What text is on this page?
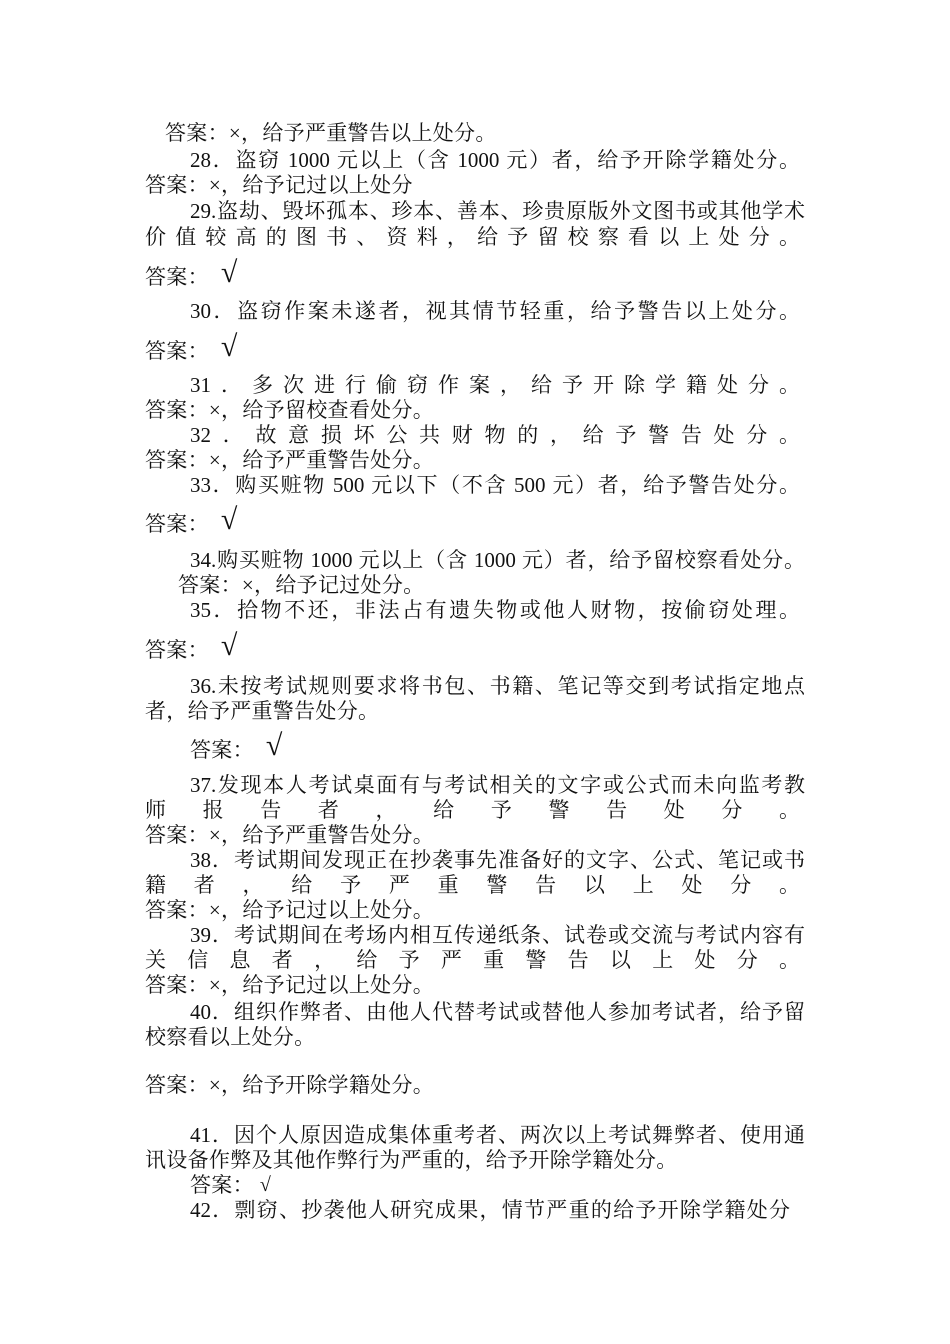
答案：×，给予严重警告以上处分。
28．盗窃 1000 元以上（含 1000 元）者，给予开除学籍处分。
答案：×，给予记过以上处分
29.盗劫、毁坏孤本、珍本、善本、珍贵原版外文图书或其他学术
价值较高的图书、资料，给予留校察看以上处分。
答案： √
30．盗窃作案未遂者，视其情节轻重，给予警告以上处分。
答案： √
31．多次进行偷窃作案，给予开除学籍处分。
答案：×，给予留校查看处分。
32．故意损坏公共财物的，给予警告处分。
答案：×，给予严重警告处分。
33．购买赃物 500 元以下（不含 500 元）者，给予警告处分。
答案： √
34.购买赃物 1000 元以上（含 1000 元）者，给予留校察看处分。
答案：×，给予记过处分。
35．拾物不还，非法占有遗失物或他人财物，按偷窃处理。
答案： √
36.未按考试规则要求将书包、书籍、笔记等交到考试指定地点
者，给予严重警告处分。
答案： √
37.发现本人考试桌面有与考试相关的文字或公式而未向监考教
师报告者，给予警告处分。
答案：×，给予严重警告处分。
38．考试期间发现正在抄袭事先准备好的文字、公式、笔记或书
籍者，给予严重警告以上处分。
答案：×，给予记过以上处分。
39．考试期间在考场内相互传递纸条、试卷或交流与考试内容有
关信息者，给予严重警告以上处分。
答案：×，给予记过以上处分。
40．组织作弊者、由他人代替考试或替他人参加考试者，给予留
校察看以上处分。
答案：×，给予开除学籍处分。
41．因个人原因造成集体重考者、两次以上考试舞弊者、使用通
讯设备作弊及其他作弊行为严重的，给予开除学籍处分。
答案： √
42．剽窃、抄袭他人研究成果，情节严重的给予开除学籍处分
